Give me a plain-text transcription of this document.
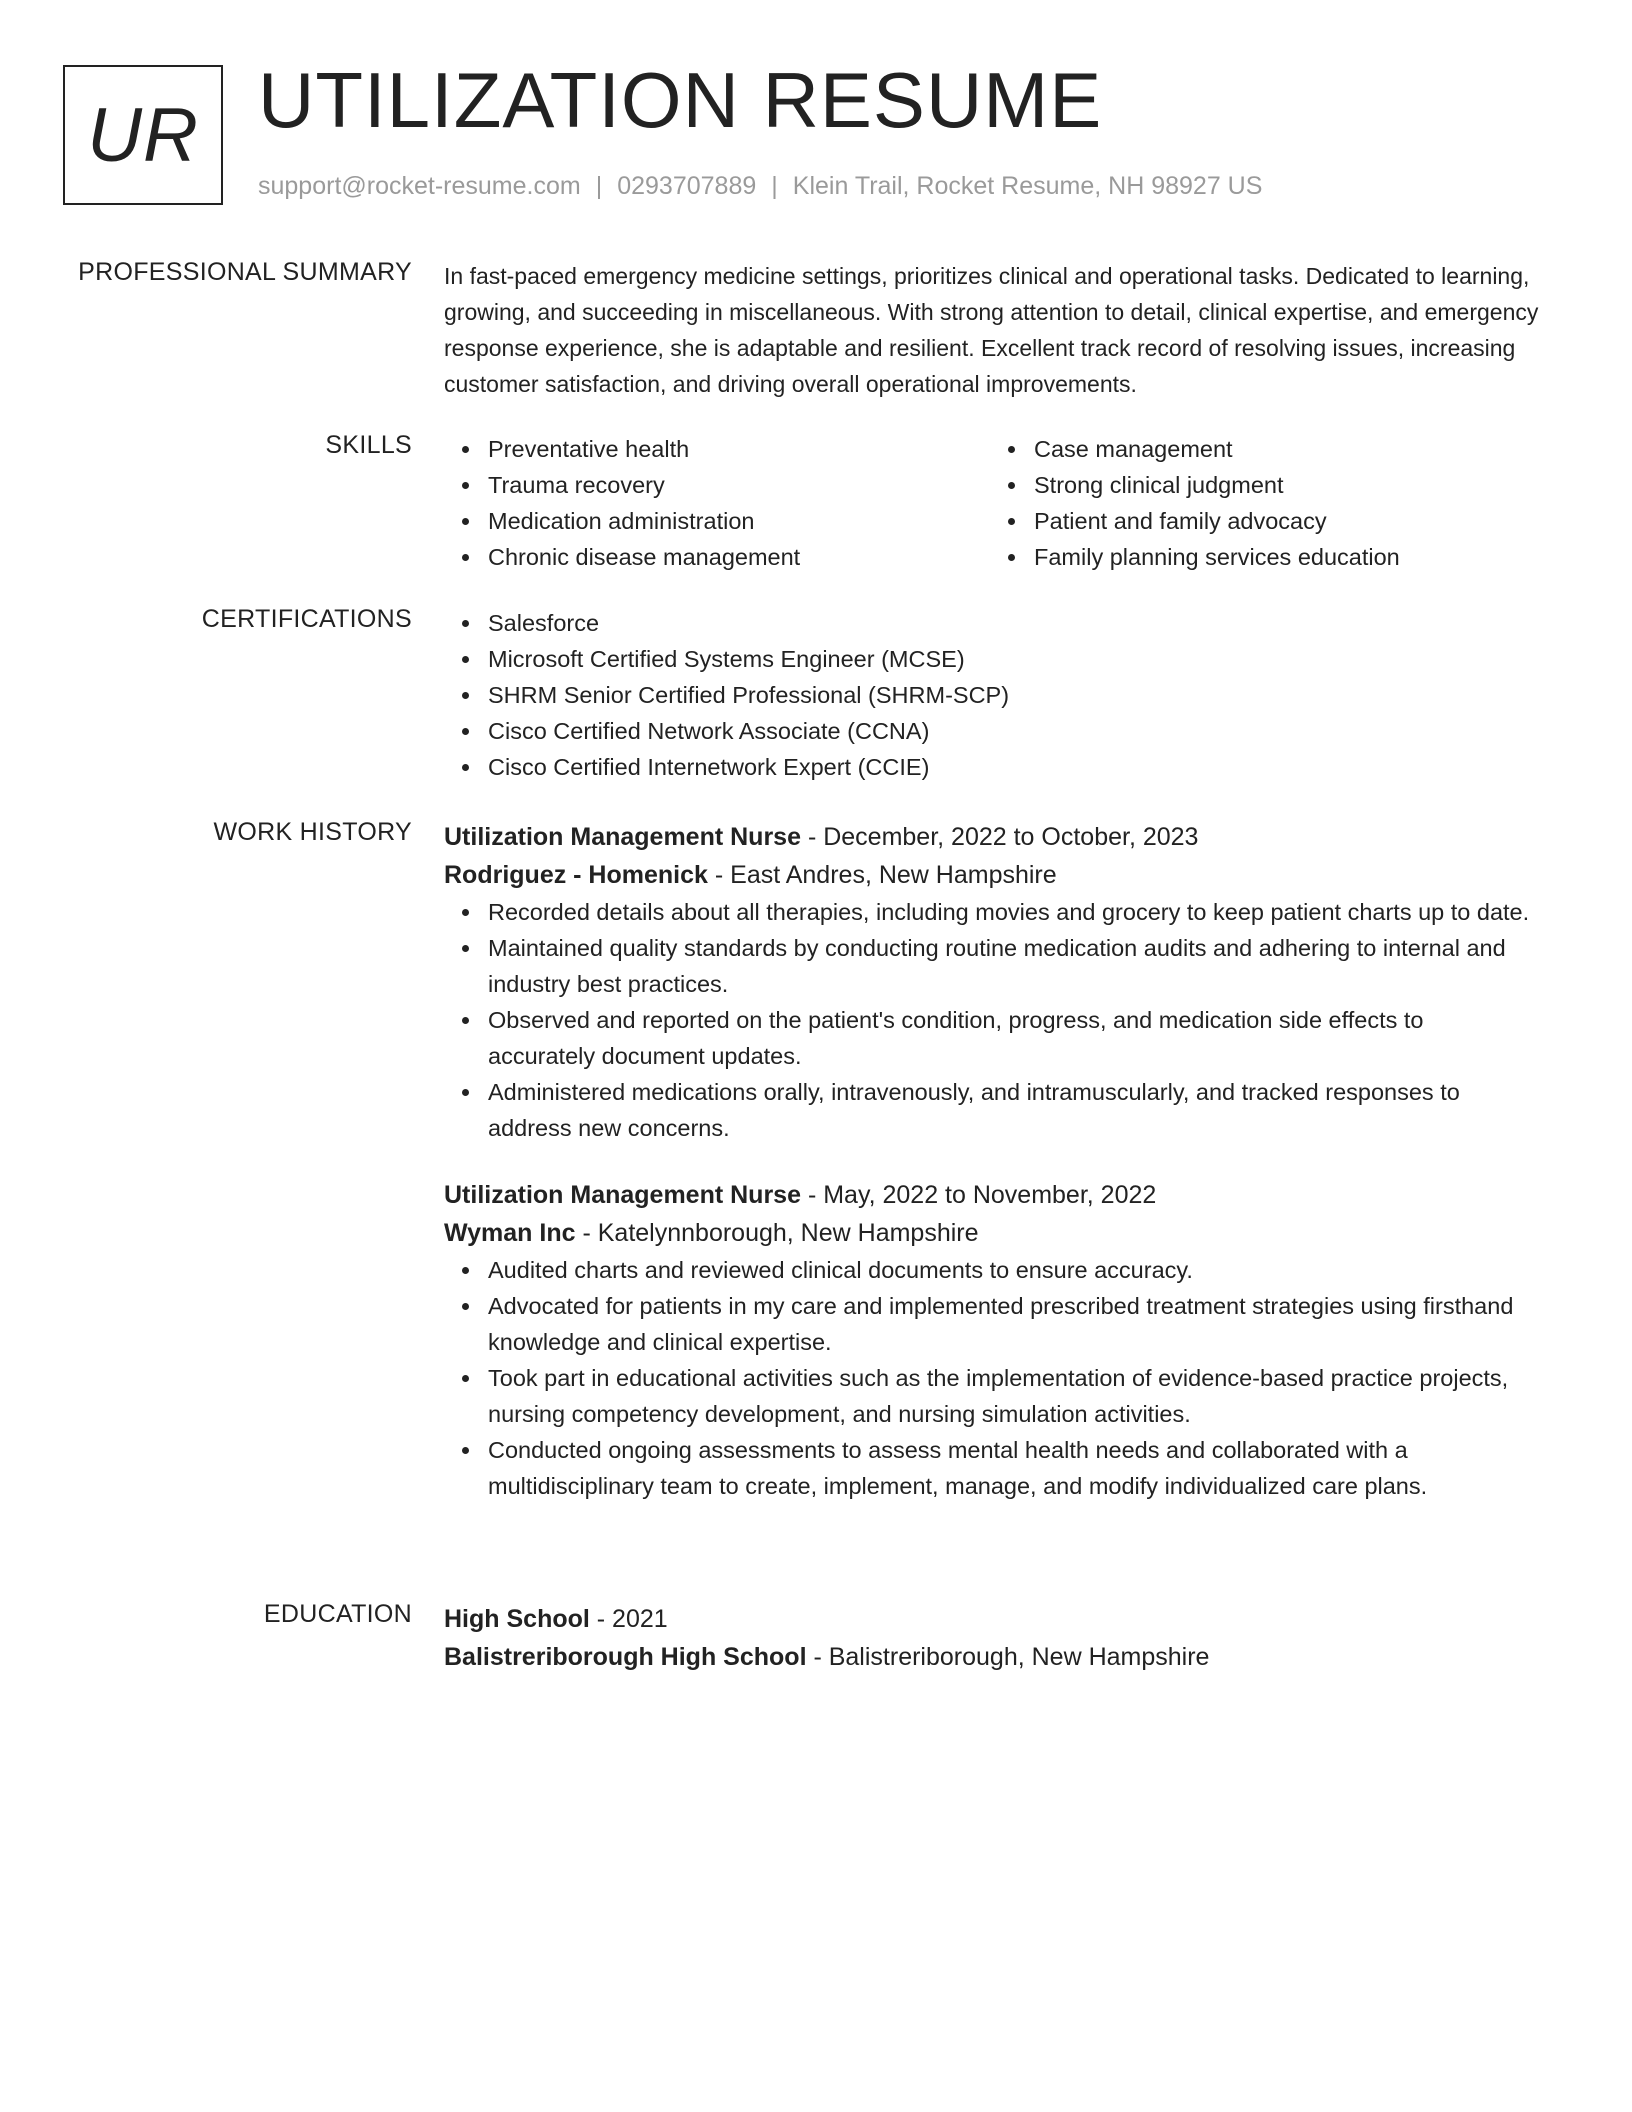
UR UTILIZATION RESUME
support@rocket-resume.com | 0293707889 | Klein Trail, Rocket Resume, NH 98927 US
PROFESSIONAL SUMMARY In fast-paced emergency medicine settings, prioritizes clinical and operational tasks. Dedicated to learning, growing, and succeeding in miscellaneous. With strong attention to detail, clinical expertise, and emergency response experience, she is adaptable and resilient. Excellent track record of resolving issues, increasing customer satisfaction, and driving overall operational improvements.

SKILLS	Preventative health
Trauma recovery
Medication administration
Chronic disease management
Case management
Strong clinical judgment
Patient and family advocacy
Family planning services education
CERTIFICATIONS	Salesforce
Microsoft Certified Systems Engineer (MCSE)
SHRM Senior Certified Professional (SHRM-SCP)
Cisco Certified Network Associate (CCNA)
Cisco Certified Internetwork Expert (CCIE)
WORK HISTORY Utilization Management Nurse - December, 2022 to October, 2023
Rodriguez - Homenick - East Andres, New Hampshire
Recorded details about all therapies, including movies and grocery to keep patient charts up to date.
Maintained quality standards by conducting routine medication audits and adhering to internal and industry best practices.
Observed and reported on the patient's condition, progress, and medication side effects to accurately document updates.
Administered medications orally, intravenously, and intramuscularly, and tracked responses to address new concerns.
Utilization Management Nurse - May, 2022 to November, 2022
Wyman Inc - Katelynnborough, New Hampshire
Audited charts and reviewed clinical documents to ensure accuracy.
Advocated for patients in my care and implemented prescribed treatment strategies using firsthand knowledge and clinical expertise.
Took part in educational activities such as the implementation of evidence-based practice projects, nursing competency development, and nursing simulation activities.
Conducted ongoing assessments to assess mental health needs and collaborated with a multidisciplinary team to create, implement, manage, and modify individualized care plans.
EDUCATION High School - 2021
Balistreriborough High School - Balistreriborough, New Hampshire
